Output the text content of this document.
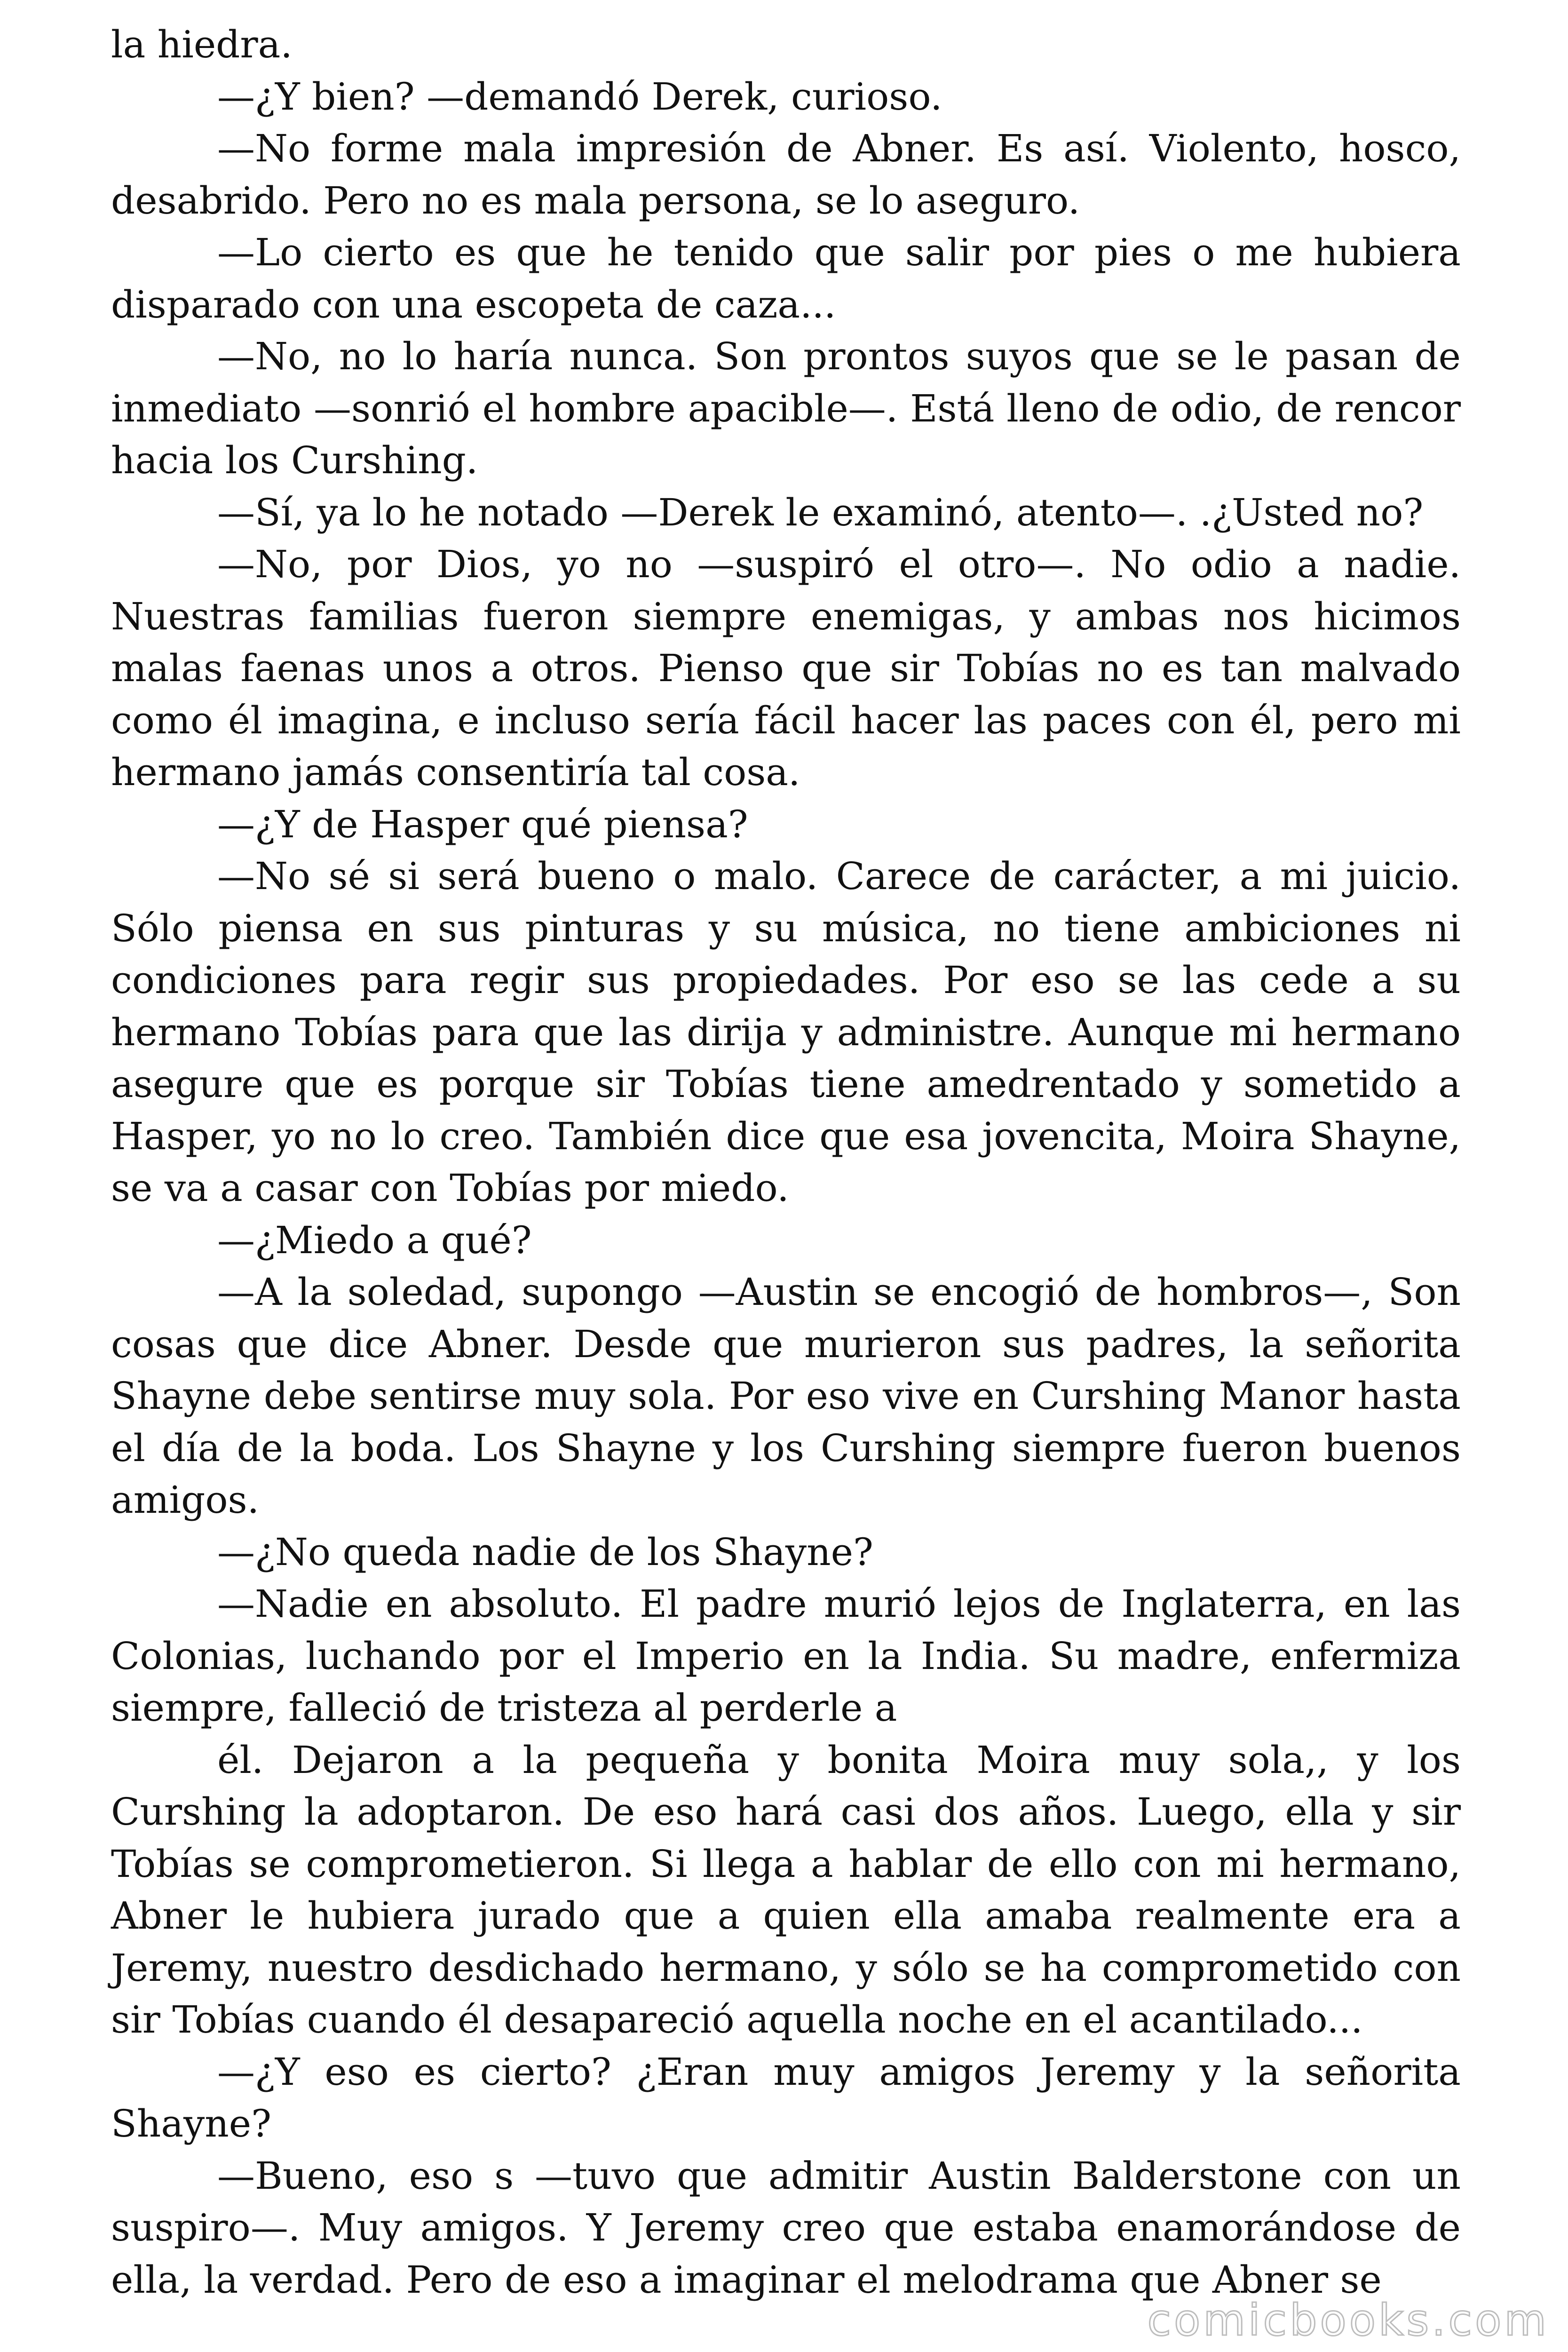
la hiedra.

—¿Y bien? —demandó Derek, curioso.

—No forme mala impresión de Abner. Es así. Violento, hosco, desabrido. Pero no es mala persona, se lo aseguro.

—Lo cierto es que he tenido que salir por pies o me hubiera disparado con una escopeta de caza...

—No, no lo haría nunca. Son prontos suyos que se le pasan de inmediato —sonrió el hombre apacible—. Está lleno de odio, de rencor hacia los Curshing.

—Sí, ya lo he notado —Derek le examinó, atento—. .¿Usted no?

—No, por Dios, yo no —suspiró el otro—. No odio a nadie. Nuestras familias fueron siempre enemigas, y ambas nos hicimos malas faenas unos a otros. Pienso que sir Tobías no es tan malvado como él imagina, e incluso sería fácil hacer las paces con él, pero mi hermano jamás consentiría tal cosa.

—¿Y de Hasper qué piensa?

—No sé si será bueno o malo. Carece de carácter, a mi juicio. Sólo piensa en sus pinturas y su música, no tiene ambiciones ni condiciones para regir sus propiedades. Por eso se las cede a su hermano Tobías para que las dirija y administre. Aunque mi hermano asegure que es porque sir Tobías tiene amedrentado y sometido a Hasper, yo no lo creo. También dice que esa jovencita, Moira Shayne, se va a casar con Tobías por miedo.

—¿Miedo a qué?

—A la soledad, supongo —Austin se encogió de hombros—, Son cosas que dice Abner. Desde que murieron sus padres, la señorita Shayne debe sentirse muy sola. Por eso vive en Curshing Manor hasta el día de la boda. Los Shayne y los Curshing siempre fueron buenos amigos.

—¿No queda nadie de los Shayne?

—Nadie en absoluto. El padre murió lejos de Inglaterra, en las Colonias, luchando por el Imperio en la India. Su madre, enfermiza siempre, falleció de tristeza al perderle a

él. Dejaron a la pequeña y bonita Moira muy sola,, y los Curshing la adoptaron. De eso hará casi dos años. Luego, ella y sir Tobías se comprometieron. Si llega a hablar de ello con mi hermano, Abner le hubiera jurado que a quien ella amaba realmente era a Jeremy, nuestro desdichado hermano, y sólo se ha comprometido con sir Tobías cuando él desapareció aquella noche en el acantilado...

—¿Y eso es cierto? ¿Eran muy amigos Jeremy y la señorita Shayne?

—Bueno, eso s —tuvo que admitir Austin Balderstone con un suspiro—. Muy amigos. Y Jeremy creo que estaba enamorándose de ella, la verdad. Pero de eso a imaginar el melodrama que Abner se

comicbooks.com
